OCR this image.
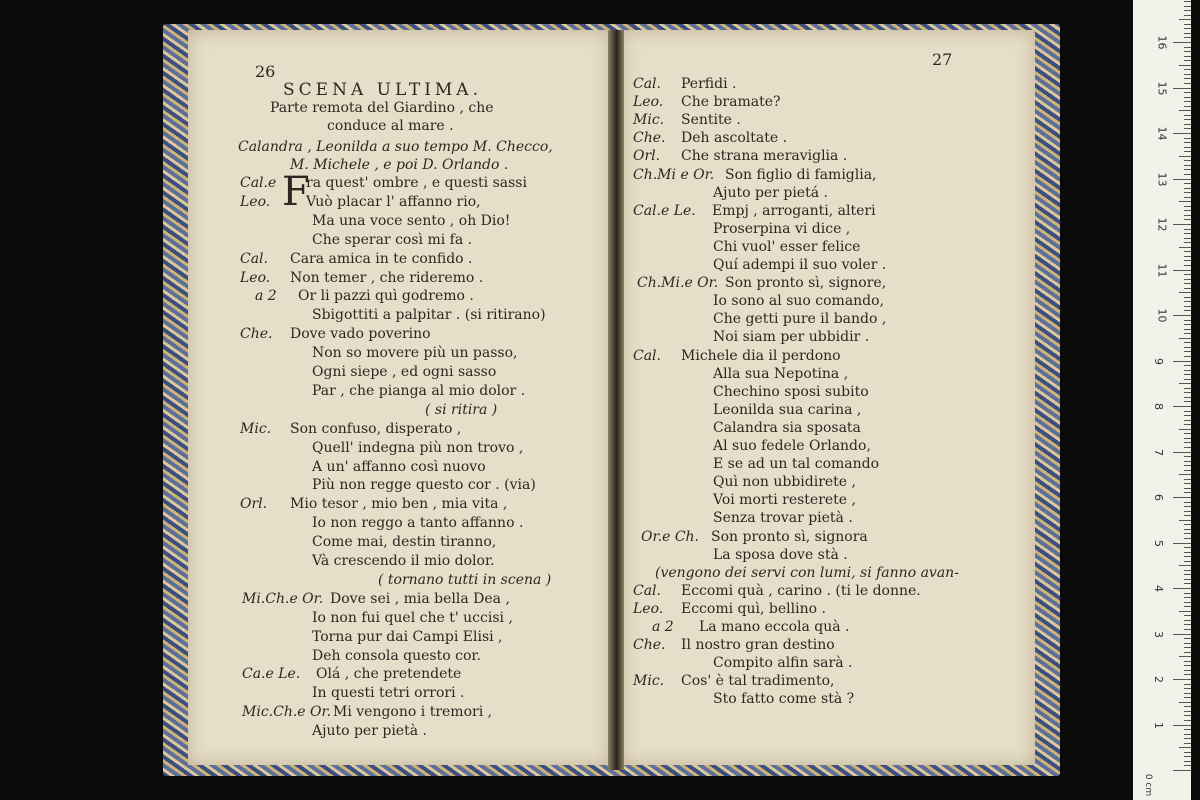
26
SCENA ULTIMA.
Parte remota del Giardino , che
conduce al mare .
Calandra , Leonilda a suo tempo M. Checco,
M. Michele , e poi D. Orlando .
F
Cal.e ra quest' ombre , e questi sassi
Leo.	Vuò placar l' affanno rio,
Ma una voce sento , oh Dio!
Che sperar così mi fa .
Cal. Cara amica in te confido .
Leo. Non temer , che rideremo .
a 2 Or li pazzi quì godremo .
Sbigottiti a palpitar . (si ritirano)
Che. Dove vado poverino
Non so movere più un passo,
Ogni siepe , ed ogni sasso
Par , che pianga al mio dolor .
( si ritira )
Mic. Son confuso, disperato ,
Quell' indegna più non trovo ,
A un' affanno così nuovo
Più non regge questo cor . (via)
Orl. Mio tesor , mio ben , mia vita ,
Io non reggo a tanto affanno .
Come mai, destin tiranno,
Và crescendo il mio dolor.
( tornano tutti in scena )
Mi.Ch.e Or. Dove sei , mia bella Dea ,
Io non fui quel che t' uccisi ,
Torna pur dai Campi Elisi ,
Deh consola questo cor.
Ca.e Le. Olá , che pretendete
In questi tetri orrori .
Mic.Ch.e Or. Mi vengono i tremori ,
Ajuto per pietà .
27
Cal. Perfidi .
Leo. Che bramate?
Mic. Sentite .
Che. Deh ascoltate .
Orl. Che strana meraviglia .
Ch.Mi e Or. Son figlio di famiglia,
Ajuto per pietá .
Cal.e Le. Empj , arroganti, alteri
Proserpina vi dice ,
Chi vuol' esser felice
Quí adempi il suo voler .
Ch.Mi.e Or. Son pronto sì, signore,
Io sono al suo comando,
Che getti pure il bando ,
Noi siam per ubbidir .
Cal. Michele dia il perdono
Alla sua Nepotina ,
Chechino sposi subito
Leonilda sua carina ,
Calandra sia sposata
Al suo fedele Orlando,
E se ad un tal comando
Quì non ubbidirete ,
Voi morti resterete ,
Senza trovar pietà .
Or.e Ch. Son pronto sì, signora
La sposa dove stà .
(vengono dei servi con lumi, si fanno avan-
Cal. Eccomi quà , carino . (ti le donne.
Leo. Eccomi quì, bellino .
a 2 La mano eccola quà .
Che. Il nostro gran destino
Compito alfin sarà .
Mic. Cos' è tal tradimento,
Sto fatto come stà ?
0 cm
1
2
3
4
5
6
7
8
9
10
11
12
13
14
15
16
